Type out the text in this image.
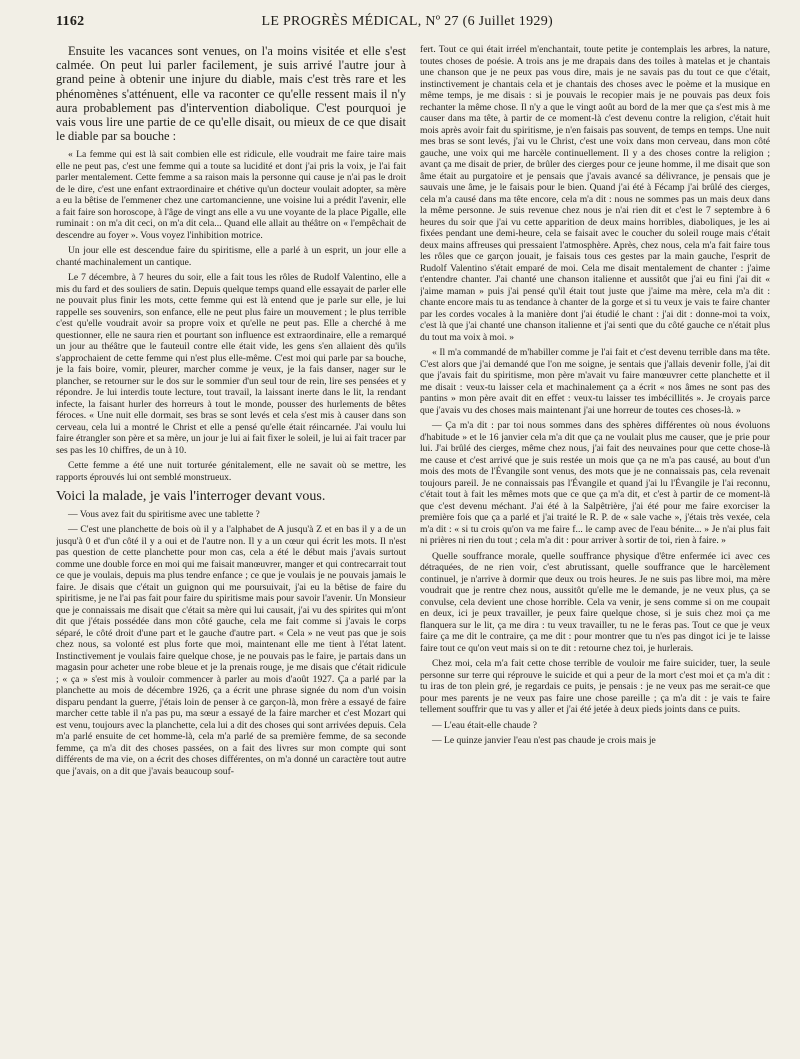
1162	LE PROGRÈS MÉDICAL, Nº 27 (6 Juillet 1929)

Ensuite les vacances sont venues, on l'a moins visitée et elle s'est calmée. On peut lui parler facilement, je suis arrivé l'autre jour à grand peine à obtenir une injure du diable, mais c'est très rare et les phénomènes s'atténuent, elle va raconter ce qu'elle ressent mais il n'y aura probablement pas d'intervention diabolique. C'est pourquoi je vais vous lire une partie de ce qu'elle disait, ou mieux de ce que disait le diable par sa bouche :

« La femme qui est là sait combien elle est ridicule, elle voudrait me faire taire mais elle ne peut pas, c'est une femme qui a toute sa lucidité et dont j'ai pris la voix, je l'ai fait parler mentalement. Cette femme a sa raison mais la personne qui cause je n'ai pas le droit de le dire, c'est une enfant extraordinaire et chétive qu'un docteur voulait adopter, sa mère a eu la bêtise de l'emmener chez une cartomancienne, une voisine lui a prédit l'avenir, elle a fait faire son horoscope, à l'âge de vingt ans elle a vu une voyante de la place Pigalle, elle ruminait : on m'a dit ceci, on m'a dit cela... Quand elle allait au théâtre on « l'empêchait de descendre au foyer ». Vous voyez l'inhibition motrice.

Un jour elle est descendue faire du spiritisme, elle a parlé à un esprit, un jour elle a chanté machinalement un cantique.

Le 7 décembre, à 7 heures du soir, elle a fait tous les rôles de Rudolf Valentino, elle a mis du fard et des souliers de satin. Depuis quelque temps quand elle essayait de parler elle ne pouvait plus finir les mots, cette femme qui est là entend que je parle sur elle, je lui rappelle ses souvenirs, son enfance, elle ne peut plus faire un mouvement ; le plus terrible c'est qu'elle voudrait avoir sa propre voix et qu'elle ne peut pas. Elle a cherché à me questionner, elle ne saura rien et pourtant son influence est extraordinaire, elle a remarqué un jour au théâtre que le fauteuil contre elle était vide, les gens s'en allaient dès qu'ils s'approchaient de cette femme qui n'est plus elle-même. C'est moi qui parle par sa bouche, je la fais boire, vomir, pleurer, marcher comme je veux, je la fais danser, nager sur le plancher, se retourner sur le dos sur le sommier d'un seul tour de rein, lire ses pensées et y répondre. Je lui interdis toute lecture, tout travail, la laissant inerte dans le lit, la rendant infecte, la faisant hurler des horreurs à tout le monde, pousser des hurlements de bêtes féroces. « Une nuit elle dormait, ses bras se sont levés et cela s'est mis à causer dans son cerveau, cela lui a montré le Christ et elle a pensé qu'elle était réincarnée. J'ai voulu lui faire étrangler son père et sa mère, un jour je lui ai fait fixer le soleil, je lui ai fait tracer par ses pas les 10 chiffres, de un à 10.

Cette femme a été une nuit torturée génitalement, elle ne savait où se mettre, les rapports éprouvés lui ont semblé monstrueux.

Voici la malade, je vais l'interroger devant vous.

— Vous avez fait du spiritisme avec une tablette ?

— C'est une planchette de bois où il y a l'alphabet de A jusqu'à Z et en bas il y a de un jusqu'à 0 et d'un côté il y a oui et de l'autre non. Il y a un cœur qui écrit les mots. Il n'est pas question de cette planchette pour mon cas, cela a été le début mais j'avais surtout comme une double force en moi qui me faisait manœuvrer, manger et qui contrecarrait tout ce que je voulais, depuis ma plus tendre enfance ; ce que je voulais je ne pouvais jamais le faire. Je disais que c'était un guignon qui me poursuivait, j'ai eu la bêtise de faire du spiritisme, je ne l'ai pas fait pour faire du spiritisme mais pour savoir l'avenir. Un Monsieur que je connaissais me disait que c'était sa mère qui lui causait, j'ai vu des spirites qui m'ont dit que j'étais possédée dans mon côté gauche, cela me fait comme si j'avais le corps séparé, le côté droit d'une part et le gauche d'autre part. « Cela » ne veut pas que je sois chez nous, sa volonté est plus forte que moi, maintenant elle me tient à l'état latent. Instinctivement je voulais faire quelque chose, je ne pouvais pas le faire, je partais dans un magasin pour acheter une robe bleue et je la prenais rouge, je me disais que c'était ridicule ; « ça » s'est mis à vouloir commencer à parler au mois d'août 1927. Ça a parlé par la planchette au mois de décembre 1926, ça a écrit une phrase signée du nom d'un voisin disparu pendant la guerre, j'étais loin de penser à ce garçon-là, mon frère a essayé de faire marcher cette table il n'a pas pu, ma sœur a essayé de la faire marcher et c'est Mozart qui est venu, toujours avec la planchette, cela lui a dit des choses qui sont arrivées depuis. Cela m'a parlé ensuite de cet homme-là, cela m'a parlé de sa première femme, de sa seconde femme, ça m'a dit des choses passées, on a fait des livres sur mon compte qui sont différents de ma vie, on a écrit des choses différentes, on m'a donné un caractère tout autre que j'avais, on a dit que j'avais beaucoup souf-

fert. Tout ce qui était irréel m'enchantait, toute petite je contemplais les arbres, la nature, toutes choses de poésie. A trois ans je me drapais dans des toiles à matelas et je chantais une chanson que je ne peux pas vous dire, mais je ne savais pas du tout ce que c'était, instinctivement je chantais cela et je chantais des choses avec le poème et la musique en même temps, je me disais : si je pouvais le recopier mais je ne pouvais pas deux fois rechanter la même chose. Il n'y a que le vingt août au bord de la mer que ça s'est mis à me causer dans ma tête, à partir de ce moment-là c'est devenu contre la religion, c'était huit mois après avoir fait du spiritisme, je n'en faisais pas souvent, de temps en temps. Une nuit mes bras se sont levés, j'ai vu le Christ, c'est une voix dans mon cerveau, dans mon côté gauche, une voix qui me harcèle continuellement. Il y a des choses contre la religion ; avant ça me disait de prier, de brûler des cierges pour ce jeune homme, il me disait que son âme était au purgatoire et je pensais que j'avais avancé sa délivrance, je pensais que je sauvais une âme, je le faisais pour le bien. Quand j'ai été à Fécamp j'ai brûlé des cierges, cela m'a causé dans ma tête encore, cela m'a dit : nous ne sommes pas un mais deux dans la même personne. Je suis revenue chez nous je n'ai rien dit et c'est le 7 septembre à 6 heures du soir que j'ai vu cette apparition de deux mains horribles, diaboliques, je les ai fixées pendant une demi-heure, cela se faisait avec le coucher du soleil rouge mais c'était deux mains affreuses qui pressaient l'atmosphère. Après, chez nous, cela m'a fait faire tous les rôles que ce garçon jouait, je faisais tous ces gestes par la main gauche, l'esprit de Rudolf Valentino s'était emparé de moi. Cela me disait mentalement de chanter : j'aime t'entendre chanter. J'ai chanté une chanson italienne et aussitôt que j'ai eu fini j'ai dit « j'aime maman » puis j'ai pensé qu'il était tout juste que j'aime ma mère, cela m'a dit : chante encore mais tu as tendance à chanter de la gorge et si tu veux je vais te faire chanter par les cordes vocales à la manière dont j'ai étudié le chant : j'ai dit : donne-moi ta voix, c'est là que j'ai chanté une chanson italienne et j'ai senti que du côté gauche ce n'était plus du tout ma voix à moi. »

« Il m'a commandé de m'habiller comme je l'ai fait et c'est devenu terrible dans ma tête. C'est alors que j'ai demandé que l'on me soigne, je sentais que j'allais devenir folle, j'ai dit que j'avais fait du spiritisme, mon père m'avait vu faire manœuvrer cette planchette et il me disait : veux-tu laisser cela et machinalement ça a écrit « nos âmes ne sont pas des pantins » mon père avait dit en effet : veux-tu laisser tes imbécillités ». Je croyais parce que j'avais vu des choses mais maintenant j'ai une horreur de toutes ces choses-là. »

— Ça m'a dit : par toi nous sommes dans des sphères différentes où nous évoluons d'habitude » et le 16 janvier cela m'a dit que ça ne voulait plus me causer, que je prie pour lui. J'ai brûlé des cierges, même chez nous, j'ai fait des neuvaines pour que cette chose-là me cause et c'est arrivé que je suis restée un mois que ça ne m'a pas causé, au bout d'un mois des mots de l'Évangile sont venus, des mots que je ne connaissais pas, cela revenait toujours pareil. Je ne connaissais pas l'Évangile et quand j'ai lu l'Évangile je l'ai reconnu, c'était tout à fait les mêmes mots que ce que ça m'a dit, et c'est à partir de ce moment-là que c'est devenu méchant. J'ai été à la Salpêtrière, j'ai été pour me faire exorciser la première fois que ça a parlé et j'ai traité le R. P. de « sale vache », j'étais très vexée, cela m'a dit : « si tu crois qu'on va me faire f... le camp avec de l'eau bénite... » Je n'ai plus fait ni prières ni rien du tout ; cela m'a dit : pour arriver à sortir de toi, rien à faire. »

Quelle souffrance morale, quelle souffrance physique d'être enfermée ici avec ces détraquées, de ne rien voir, c'est abrutissant, quelle souffrance que le harcèlement continuel, je n'arrive à dormir que deux ou trois heures. Je ne suis pas libre moi, ma mère voudrait que je rentre chez nous, aussitôt qu'elle me le demande, je ne veux plus, ça se convulse, cela devient une chose horrible. Cela va venir, je sens comme si on me coupait en deux, ici je peux travailler, je peux faire quelque chose, si je suis chez moi ça me flanquera sur le lit, ça me dira : tu veux travailler, tu ne le feras pas. Tout ce que je veux faire ça me dit le contraire, ça me dit : pour montrer que tu n'es pas dingot ici je te laisse faire tout ce qu'on veut mais si on te dit : retourne chez toi, je hurlerais.

Chez moi, cela m'a fait cette chose terrible de vouloir me faire suicider, tuer, la seule personne sur terre qui réprouve le suicide et qui a peur de la mort c'est moi et ça m'a dit : tu iras de ton plein gré, je regardais ce puits, je pensais : je ne veux pas me serait-ce que pour mes parents je ne veux pas faire une chose pareille ; ça m'a dit : je vais te faire tellement souffrir que tu vas y aller et j'ai été jetée à deux pieds joints dans ce puits.

— L'eau était-elle chaude ?

— Le quinze janvier l'eau n'est pas chaude je crois mais je
